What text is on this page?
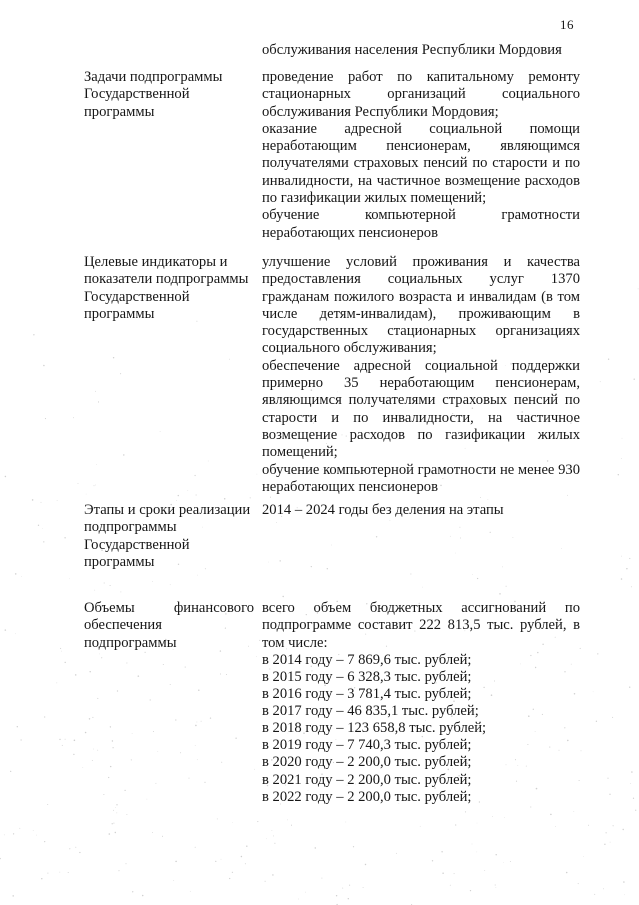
16
обслуживания населения Республики Мордовия
Задачи подпрограммы Государственной программы

проведение работ по капитальному ремонту стационарных организаций социального обслуживания Республики Мордовия;

оказание адресной социальной помощи неработающим пенсионерам, являющимся получателями страховых пенсий по старости и по инвалидности, на частичное возмещение расходов по газификации жилых помещений;

обучение компьютерной грамотности неработающих пенсионеров

Целевые индикаторы и показатели подпрограммы Государственной программы

улучшение условий проживания и качества предоставления социальных услуг 1370 гражданам пожилого возраста и инвалидам (в том числе детям-инвалидам), проживающим в государственных стационарных организациях социального обслуживания;

обеспечение адресной социальной поддержки примерно 35 неработающим пенсионерам, являющимся получателями страховых пенсий по старости и по инвалидности, на частичное возмещение расходов по газификации жилых помещений;

обучение компьютерной грамотности не менее 930 неработающих пенсионеров

Этапы и сроки реализации подпрограммы Государственной программы

2014 – 2024 годы без деления на этапы

Объемы финансового
обеспечения подпрограммы

всего объем бюджетных ассигнований по подпрограмме составит 222 813,5 тыс. рублей, в том числе:

в 2014 году – 7 869,6 тыс. рублей;
в 2015 году – 6 328,3 тыс. рублей;
в 2016 году – 3 781,4 тыс. рублей;
в 2017 году – 46 835,1 тыс. рублей;
в 2018 году – 123 658,8 тыс. рублей;
в 2019 году – 7 740,3 тыс. рублей;
в 2020 году – 2 200,0 тыс. рублей;
в 2021 году – 2 200,0 тыс. рублей;
в 2022 году – 2 200,0 тыс. рублей;
